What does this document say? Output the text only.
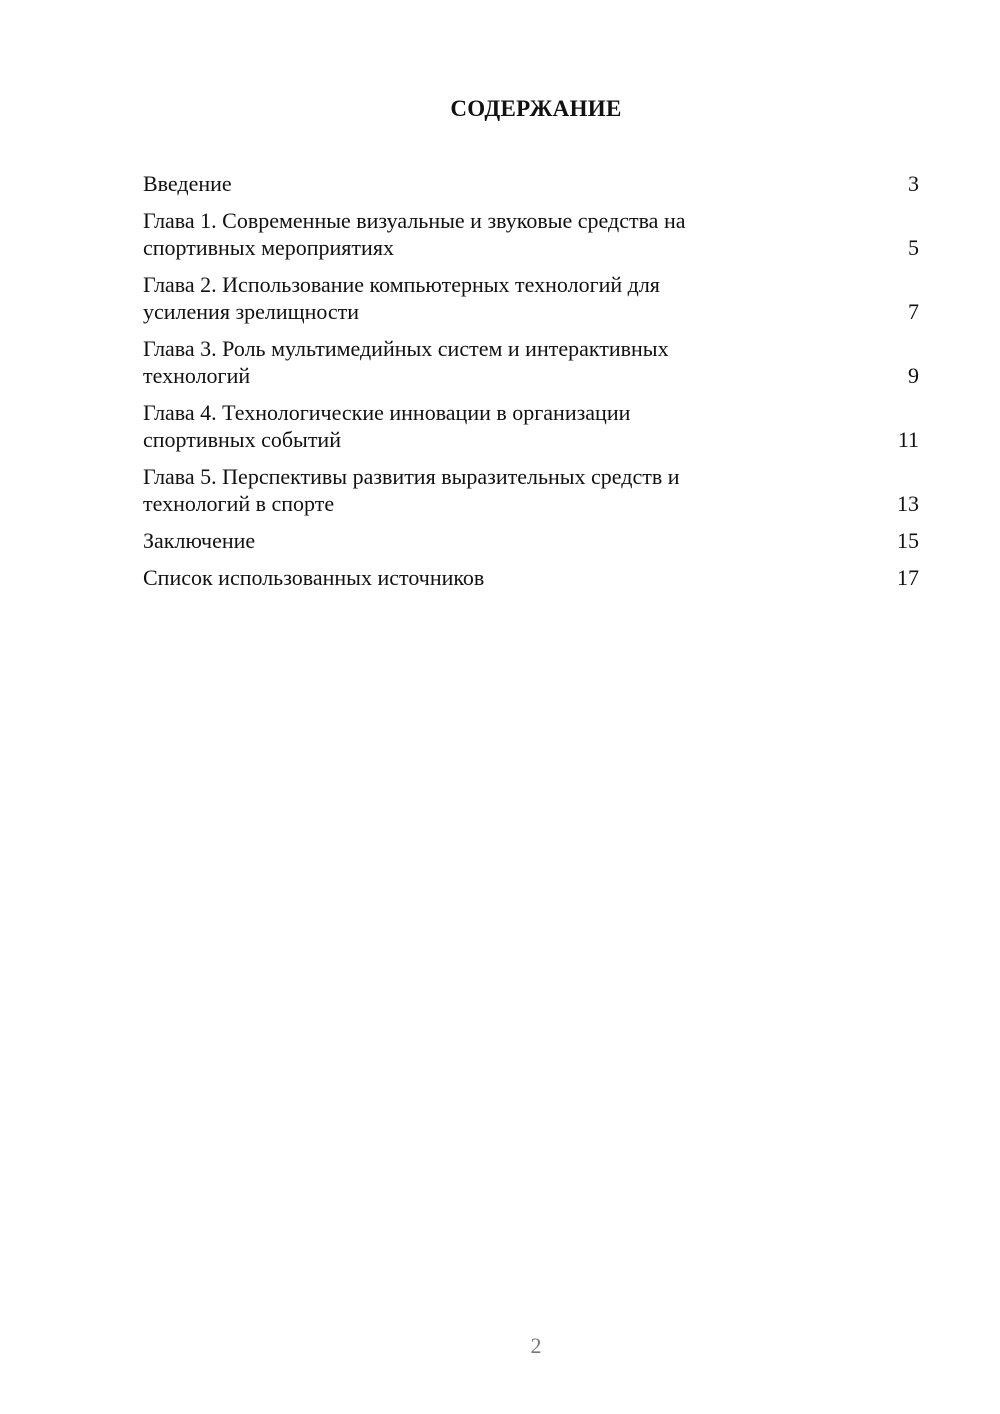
СОДЕРЖАНИЕ
Введение	3
Глава 1. Современные визуальные и звуковые средства на
спортивных мероприятиях	5
Глава 2. Использование компьютерных технологий для
усиления зрелищности	7
Глава 3. Роль мультимедийных систем и интерактивных
технологий	9
Глава 4. Технологические инновации в организации
спортивных событий	11
Глава 5. Перспективы развития выразительных средств и
технологий в спорте	13
Заключение	15
Список использованных источников	17
2
